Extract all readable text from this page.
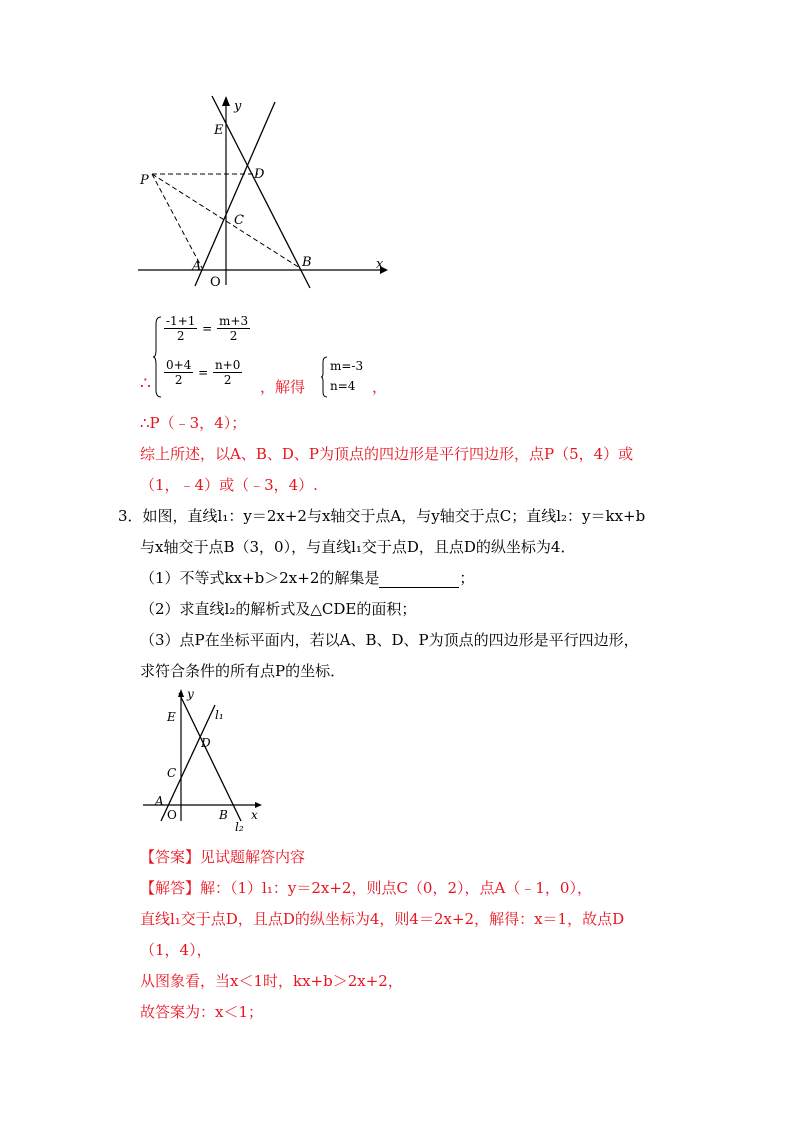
E
y
D
P
C
A
O
B	x
∴
$\frac{-1+1}{2} = \frac{m+3}{2}$
$\frac{0+4}{2} = \frac{n+0}{2}$ ，解得
m=-3
n=4	，
∴P（﹣3，4）；
综上所述，以A、B、D、P为顶点的四边形是平行四边形，点P（5，4）或
（1，﹣4）或（﹣3，4）.
3．如图，直线l₁：y＝2x+2与x轴交于点A，与y轴交于点C；直线l₂：y＝kx+b
与x轴交于点B（3，0），与直线l₁交于点D，且点D的纵坐标为4．
（1）不等式kx+b＞2x+2的解集是	；
（2）求直线l₂的解析式及△CDE的面积；
（3）点P在坐标平面内，若以A、B、D、P为顶点的四边形是平行四边形，
求符合条件的所有点P的坐标．
y
E	l₁
D
C
A
O	B x
l₂
【答案】见试题解答内容
【解答】解：（1）l₁：y＝2x+2，则点C（0，2），点A（﹣1，0），
直线l₁交于点D，且点D的纵坐标为4，则4＝2x+2，解得：x＝1，故点D
（1，4），
从图象看，当x＜1时，kx+b＞2x+2，
故答案为：x＜1；
